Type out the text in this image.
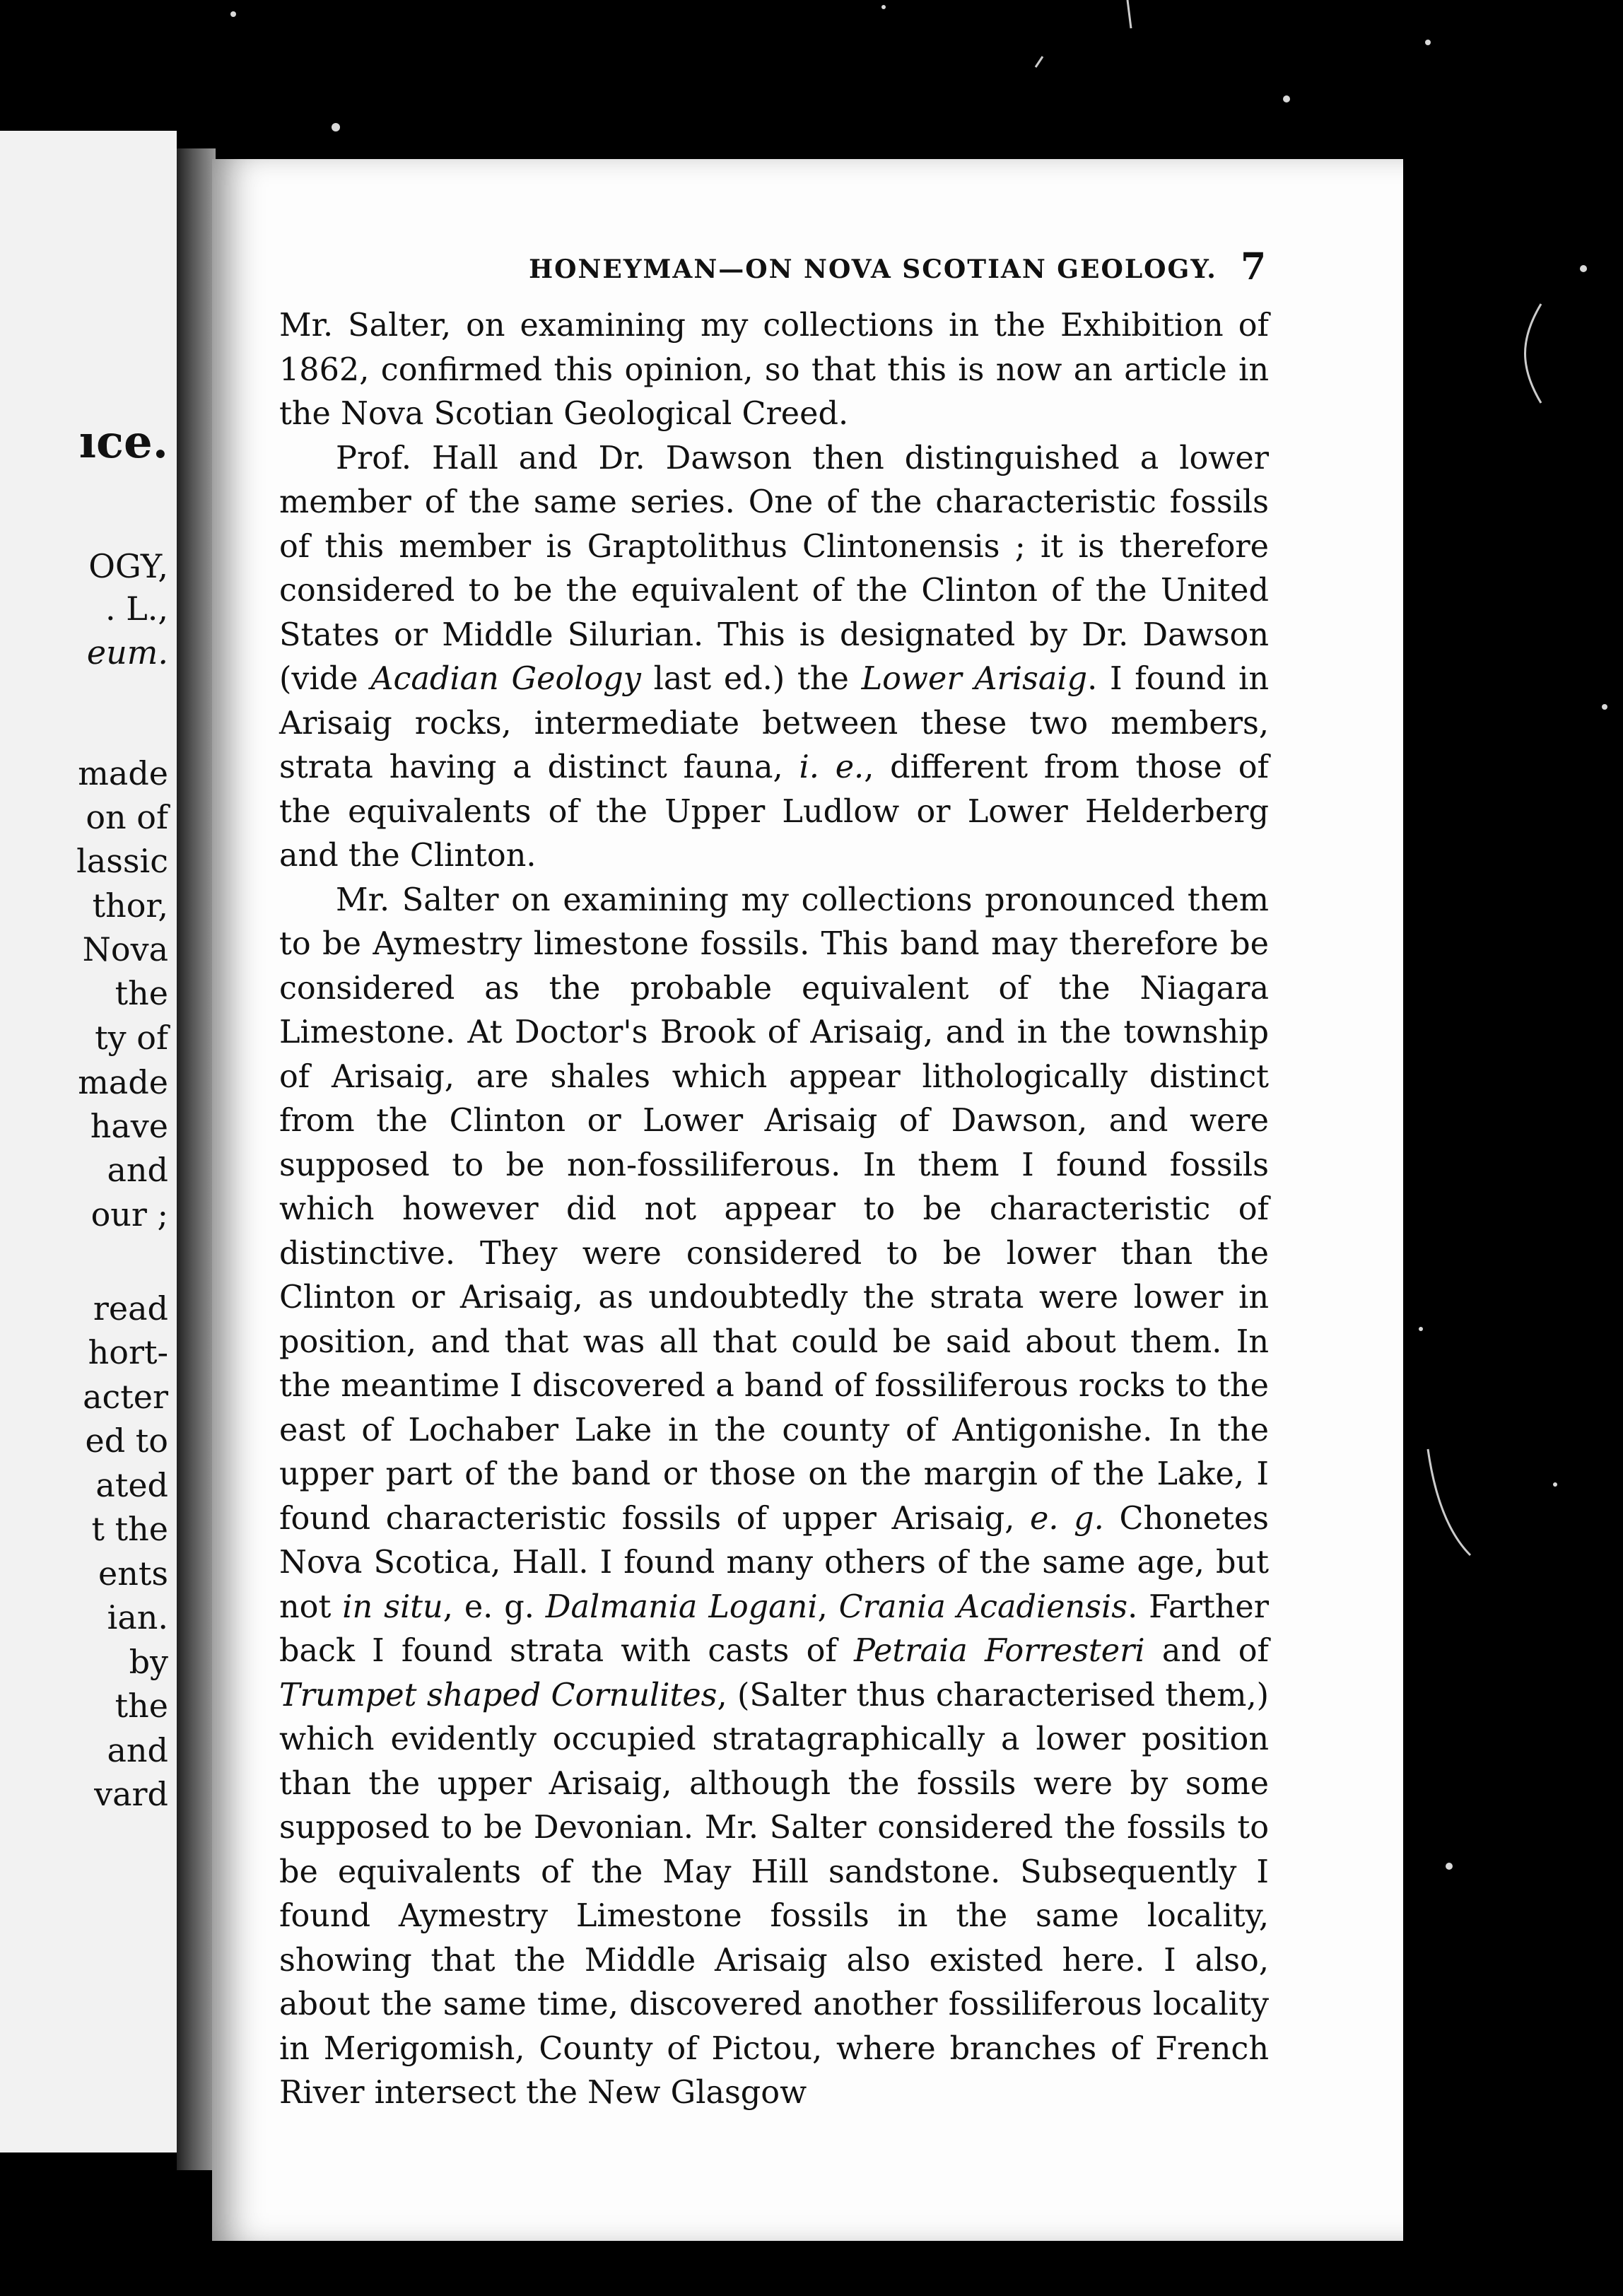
ıce.
OGY,
. L.,
eum.
made
on of
lassic
thor,
Nova
the
ty of
made
have
and
our ;
read
hort-
acter
ed to
ated
t the
ents
ian.
by
the
and
vard
HONEYMAN—ON NOVA SCOTIAN GEOLOGY. 7

Mr. Salter, on examining my collections in the Exhibition of 1862, confirmed this opinion, so that this is now an article in the Nova Scotian Geological Creed.

Prof. Hall and Dr. Dawson then distinguished a lower member of the same series. One of the characteristic fossils of this member is Graptolithus Clintonensis ; it is therefore considered to be the equivalent of the Clinton of the United States or Middle Silurian. This is designated by Dr. Dawson (vide Acadian Geology last ed.) the Lower Arisaig. I found in Arisaig rocks, intermediate between these two members, strata having a distinct fauna, i. e., different from those of the equivalents of the Upper Ludlow or Lower Helderberg and the Clinton.

Mr. Salter on examining my collections pronounced them to be Aymestry limestone fossils. This band may therefore be considered as the probable equivalent of the Niagara Limestone. At Doctor's Brook of Arisaig, and in the township of Arisaig, are shales which appear lithologically distinct from the Clinton or Lower Arisaig of Dawson, and were supposed to be non-fossiliferous. In them I found fossils which however did not appear to be characteristic of distinctive. They were considered to be lower than the Clinton or Arisaig, as undoubtedly the strata were lower in position, and that was all that could be said about them. In the meantime I discovered a band of fossiliferous rocks to the east of Lochaber Lake in the county of Antigonishe. In the upper part of the band or those on the margin of the Lake, I found characteristic fossils of upper Arisaig, e. g. Chonetes Nova Scotica, Hall. I found many others of the same age, but not in situ, e. g. Dalmania Logani, Crania Acadiensis. Farther back I found strata with casts of Petraia Forresteri and of Trumpet shaped Cornulites, (Salter thus characterised them,) which evidently occupied stratagraphically a lower position than the upper Arisaig, although the fossils were by some supposed to be Devonian. Mr. Salter considered the fossils to be equivalents of the May Hill sandstone. Subsequently I found Aymestry Limestone fossils in the same locality, showing that the Middle Arisaig also existed here. I also, about the same time, discovered another fossiliferous locality in Merigomish, County of Pictou, where branches of French River intersect the New Glasgow
